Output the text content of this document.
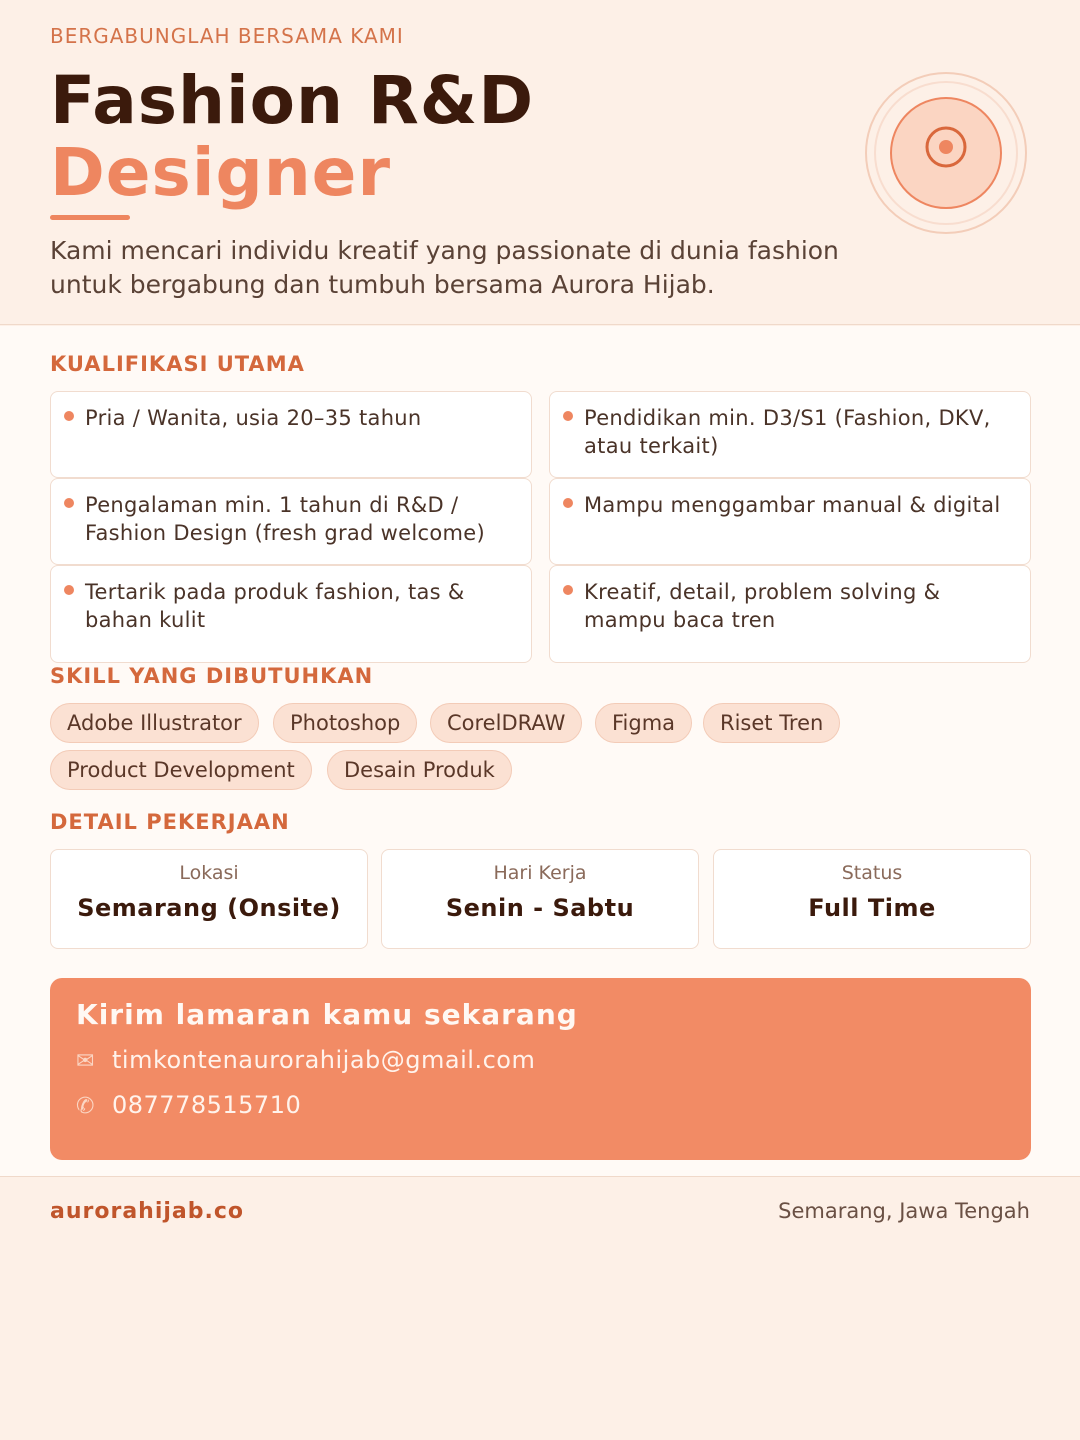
BERGABUNGLAH BERSAMA KAMI
Fashion R&D
Designer
Kami mencari individu kreatif yang passionate di dunia fashion untuk bergabung dan tumbuh bersama Aurora Hijab.
KUALIFIKASI UTAMA
Pria / Wanita, usia 20–35 tahun	Pendidikan min. D3/S1 (Fashion, DKV, atau terkait)
Pengalaman min. 1 tahun di R&D / Fashion Design (fresh grad welcome)
Mampu menggambar manual & digital
Tertarik pada produk fashion, tas & bahan kulit
Kreatif, detail, problem solving & mampu baca tren
SKILL YANG DIBUTUHKAN
Adobe Illustrator	Photoshop	CorelDRAW	Figma	Riset Tren
Product Development	Desain Produk
DETAIL PEKERJAAN
Lokasi
Semarang (Onsite)
Hari Kerja
Senin - Sabtu
Status
Full Time
Kirim lamaran kamu sekarang
✉ timkontenaurorahijab@gmail.com
✆ 087778515710
aurorahijab.co	Semarang, Jawa Tengah
